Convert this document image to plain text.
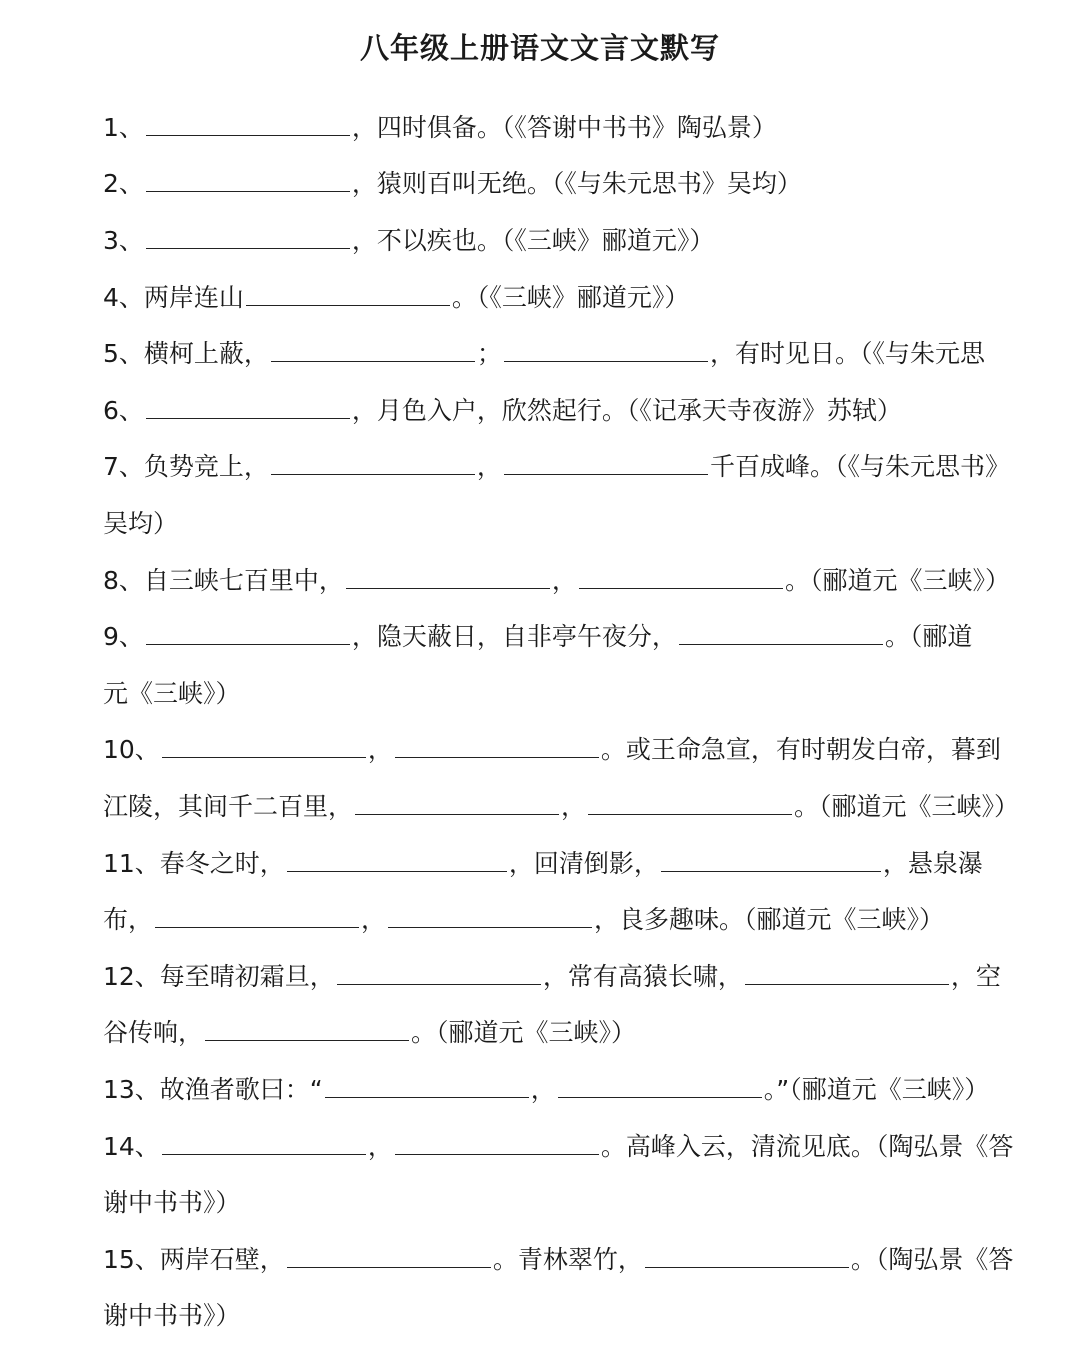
八年级上册语文文言文默写
1、	，四时俱备。（《答谢中书书》陶弘景）
2、	，猿则百叫无绝。（《与朱元思书》吴均）
3、	，不以疾也。（《三峡》郦道元》）
4、两岸连山	。（《三峡》郦道元》）
5、横柯上蔽，	；	，有时见日。（《与朱元思
6、	，月色入户，欣然起行。（《记承天寺夜游》苏轼）
7、负势竞上，	，	千百成峰。（《与朱元思书》
吴均）
8、自三峡七百里中，	，	。（郦道元《三峡》）
9、	，隐天蔽日，自非亭午夜分，	。（郦道
元《三峡》）
10、	，	。或王命急宣，有时朝发白帝，暮到
江陵，其间千二百里，	，	。（郦道元《三峡》）
11、春冬之时，	，回清倒影，	，悬泉瀑
布，	，	，良多趣味。（郦道元《三峡》）
12、每至晴初霜旦，	，常有高猿长啸，	，空
谷传响，	。（郦道元《三峡》）
13、故渔者歌曰：“	，	。”（郦道元《三峡》）
14、	，	。高峰入云，清流见底。（陶弘景《答
谢中书书》）
15、两岸石壁，	。青林翠竹，	。（陶弘景《答
谢中书书》）
